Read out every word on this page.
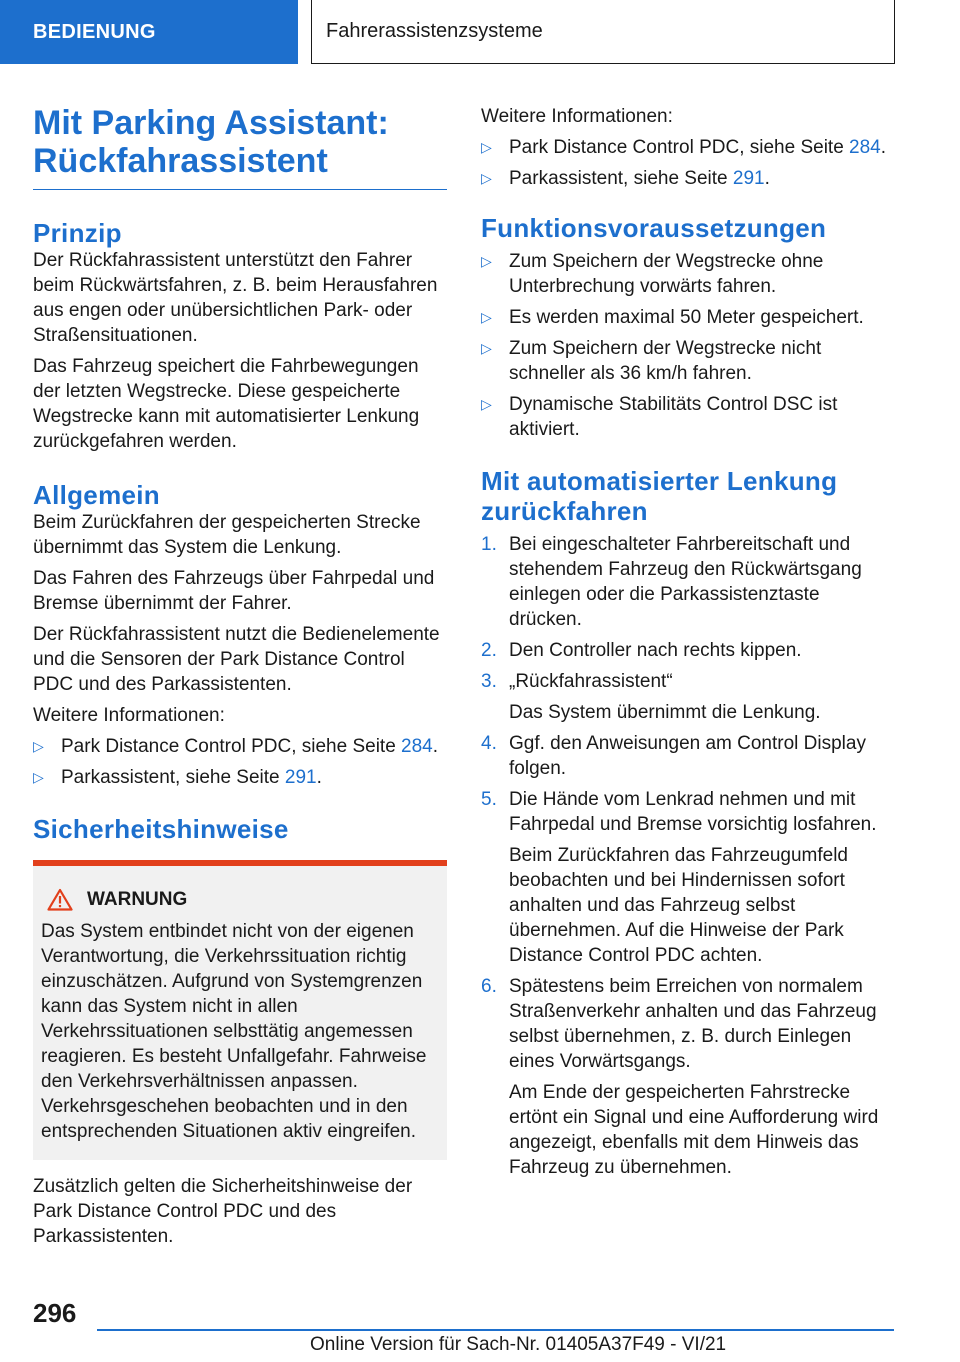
BEDIENUNG	Fahrerassistenzsysteme
Mit Parking Assistant:
Rückfahrassistent
Prinzip

Der Rückfahrassistent unterstützt den Fahrer beim Rückwärtsfahren, z. B. beim Herausfahren aus engen oder unübersichtlichen Park- oder Straßensituationen.

Das Fahrzeug speichert die Fahrbewegungen der letzten Wegstrecke. Diese gespeicherte Wegstrecke kann mit automatisierter Lenkung zurückgefahren werden.

Allgemein

Beim Zurückfahren der gespeicherten Strecke übernimmt das System die Lenkung.

Das Fahren des Fahrzeugs über Fahrpedal und Bremse übernimmt der Fahrer.

Der Rückfahrassistent nutzt die Bedienelemente und die Sensoren der Park Distance Control PDC und des Parkassistenten.

Weitere Informationen:

▷ Park Distance Control PDC, siehe Seite 284.
▷ Parkassistent, siehe Seite 291.
Sicherheitshinweise
WARNUNG

Das System entbindet nicht von der eigenen Verantwortung, die Verkehrssituation richtig einzuschätzen. Aufgrund von Systemgrenzen kann das System nicht in allen Verkehrssituationen selbsttätig angemessen reagieren. Es besteht Unfallgefahr. Fahrweise den Verkehrsverhältnissen anpassen. Verkehrsgeschehen beobachten und in den entsprechenden Situationen aktiv eingreifen.

Zusätzlich gelten die Sicherheitshinweise der Park Distance Control PDC und des Parkassistenten.

Weitere Informationen:

▷ Park Distance Control PDC, siehe Seite 284.
▷ Parkassistent, siehe Seite 291.
Funktionsvoraussetzungen
▷ Zum Speichern der Wegstrecke ohne Unterbrechung vorwärts fahren.
▷ Es werden maximal 50 Meter gespeichert.
▷ Zum Speichern der Wegstrecke nicht schneller als 36 km/h fahren.
▷ Dynamische Stabilitäts Control DSC ist aktiviert.
Mit automatisierter Lenkung zurückfahren
1. Bei eingeschalteter Fahrbereitschaft und stehendem Fahrzeug den Rückwärtsgang einlegen oder die Parkassistenztaste drücken.
2. Den Controller nach rechts kippen.
3. „Rückfahrassistent“

Das System übernimmt die Lenkung.

4. Ggf. den Anweisungen am Control Display folgen.
5. Die Hände vom Lenkrad nehmen und mit Fahrpedal und Bremse vorsichtig losfahren.

Beim Zurückfahren das Fahrzeugumfeld beobachten und bei Hindernissen sofort anhalten und das Fahrzeug selbst übernehmen. Auf die Hinweise der Park Distance Control PDC achten.

6. Spätestens beim Erreichen von normalem Straßenverkehr anhalten und das Fahrzeug selbst übernehmen, z. B. durch Einlegen eines Vorwärtsgangs.

Am Ende der gespeicherten Fahrstrecke ertönt ein Signal und eine Aufforderung wird angezeigt, ebenfalls mit dem Hinweis das Fahrzeug zu übernehmen.

296
Online Version für Sach-Nr. 01405A37F49 - VI/21
